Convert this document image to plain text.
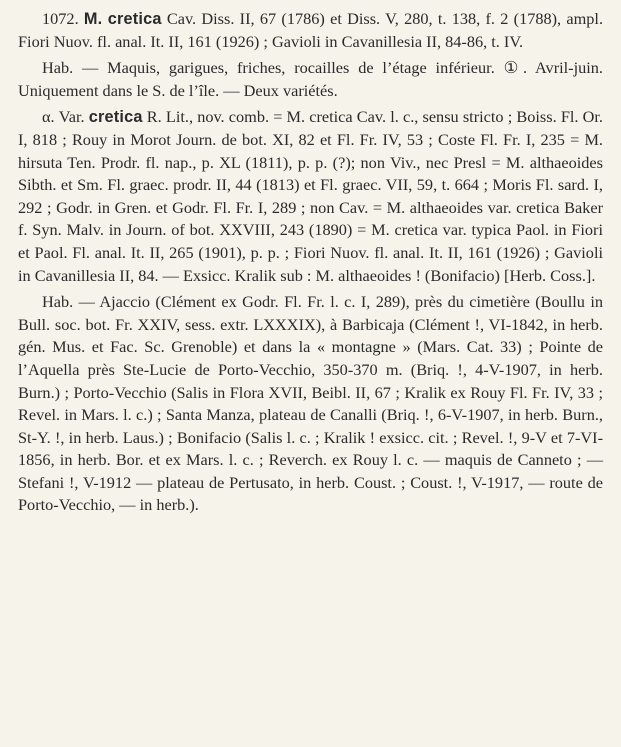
1072. M. cretica Cav. Diss. II, 67 (1786) et Diss. V, 280, t. 138, f. 2 (1788), ampl. Fiori Nuov. fl. anal. It. II, 161 (1926) ; Gavioli in Cavanillesia II, 84-86, t. IV.

Hab. — Maquis, garigues, friches, rocailles de l’étage inférieur. ①. Avril-juin. Uniquement dans le S. de l’île. — Deux variétés.

α. Var. cretica R. Lit., nov. comb. = M. cretica Cav. l. c., sensu stricto ; Boiss. Fl. Or. I, 818 ; Rouy in Morot Journ. de bot. XI, 82 et Fl. Fr. IV, 53 ; Coste Fl. Fr. I, 235 = M. hirsuta Ten. Prodr. fl. nap., p. XL (1811), p. p. (?); non Viv., nec Presl = M. althaeoides Sibth. et Sm. Fl. graec. prodr. II, 44 (1813) et Fl. graec. VII, 59, t. 664 ; Moris Fl. sard. I, 292 ; Godr. in Gren. et Godr. Fl. Fr. I, 289 ; non Cav. = M. althaeoides var. cretica Baker f. Syn. Malv. in Journ. of bot. XXVIII, 243 (1890) = M. cretica var. typica Paol. in Fiori et Paol. Fl. anal. It. II, 265 (1901), p. p. ; Fiori Nuov. fl. anal. It. II, 161 (1926) ; Gavioli in Cavanillesia II, 84. — Exsicc. Kralik sub : M. althaeoides ! (Bonifacio) [Herb. Coss.].

Hab. — Ajaccio (Clément ex Godr. Fl. Fr. l. c. I, 289), près du cimetière (Boullu in Bull. soc. bot. Fr. XXIV, sess. extr. LXXXIX), à Barbicaja (Clément !, VI-1842, in herb. gén. Mus. et Fac. Sc. Grenoble) et dans la « montagne » (Mars. Cat. 33) ; Pointe de l’Aquella près Ste-Lucie de Porto-Vecchio, 350-370 m. (Briq. !, 4-V-1907, in herb. Burn.) ; Porto-Vecchio (Salis in Flora XVII, Beibl. II, 67 ; Kralik ex Rouy Fl. Fr. IV, 33 ; Revel. in Mars. l. c.) ; Santa Manza, plateau de Canalli (Briq. !, 6-V-1907, in herb. Burn., St-Y. !, in herb. Laus.) ; Bonifacio (Salis l. c. ; Kralik ! exsicc. cit. ; Revel. !, 9-V et 7-VI-1856, in herb. Bor. et ex Mars. l. c. ; Reverch. ex Rouy l. c. — maquis de Canneto ; — Stefani !, V-1912 — plateau de Pertusato, in herb. Coust. ; Coust. !, V-1917, — route de Porto-Vecchio, — in herb.).
